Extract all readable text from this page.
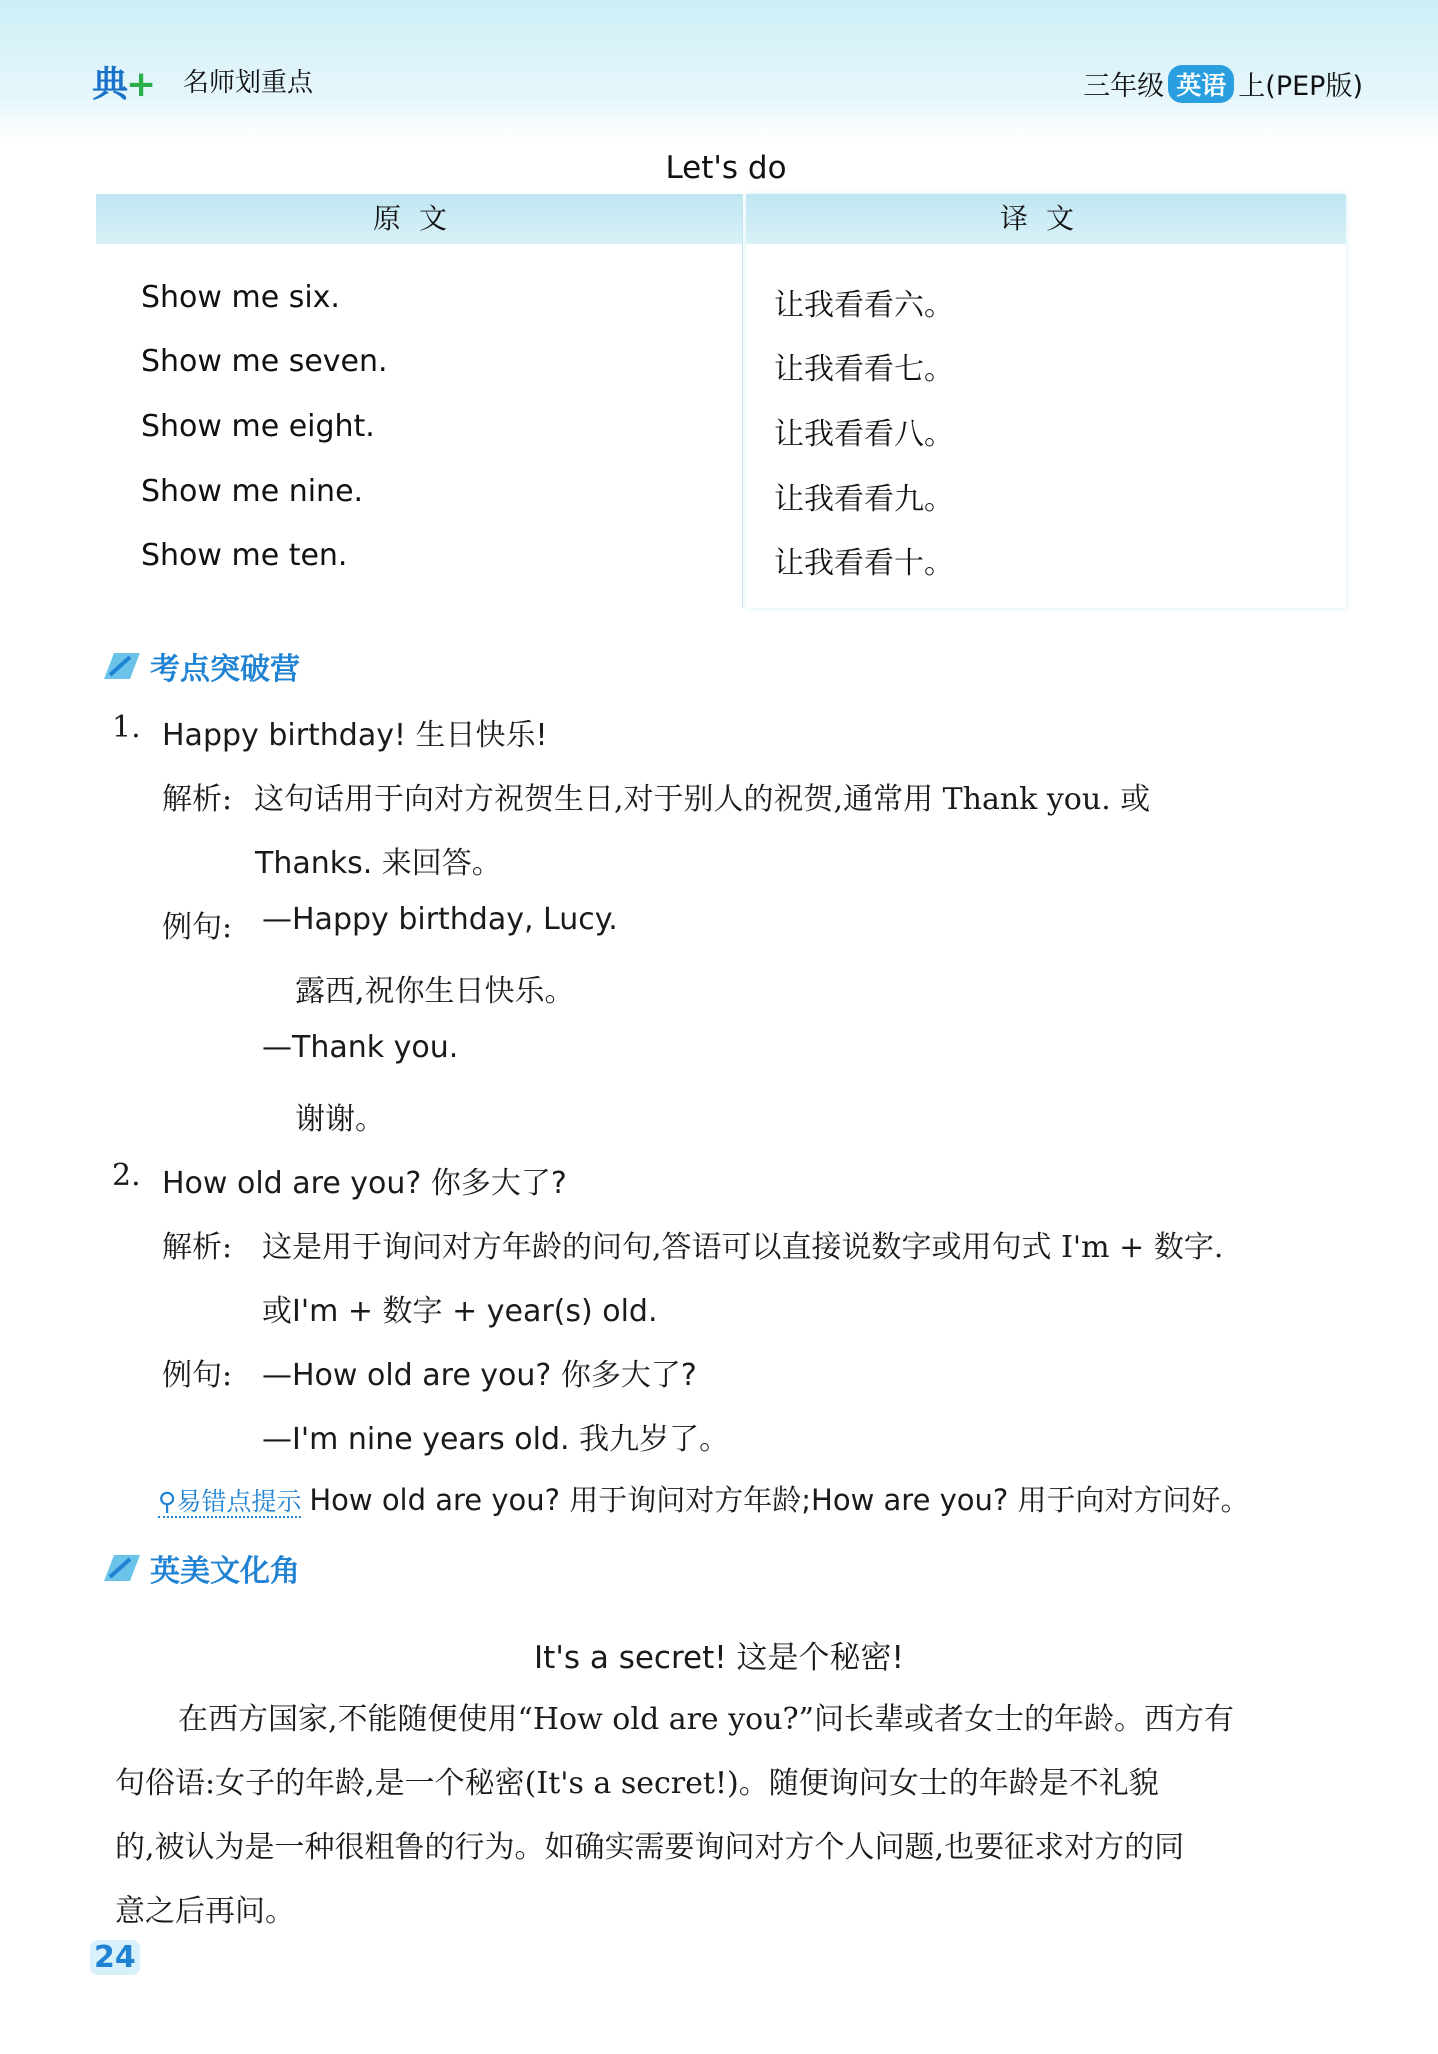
典+ 名师划重点	三年级 英语 上(PEP版)
Let's do
原文
Show me six.
Show me seven.
Show me eight.
Show me nine.
Show me ten.
译文
让我看看六。
让我看看七。
让我看看八。
让我看看九。
让我看看十。
考点突破营
1. Happy birthday! 生日快乐!
解析: 这句话用于向对方祝贺生日,对于别人的祝贺,通常用 Thank you. 或
Thanks. 来回答。
例句: —Happy birthday, Lucy.
露西,祝你生日快乐。
—Thank you.
谢谢。
2. How old are you? 你多大了?
解析: 这是用于询问对方年龄的问句,答语可以直接说数字或用句式 I'm + 数字.
或I'm + 数字 + year(s) old.
例句: —How old are you? 你多大了?
—I'm nine years old. 我九岁了。
⚲易错点提示 How old are you? 用于询问对方年龄;How are you? 用于向对方问好。
英美文化角
It's a secret! 这是个秘密!
在西方国家,不能随便使用“How old are you?”问长辈或者女士的年龄。西方有
句俗语:女子的年龄,是一个秘密(It's a secret!)。随便询问女士的年龄是不礼貌
的,被认为是一种很粗鲁的行为。如确实需要询问对方个人问题,也要征求对方的同
意之后再问。
24
